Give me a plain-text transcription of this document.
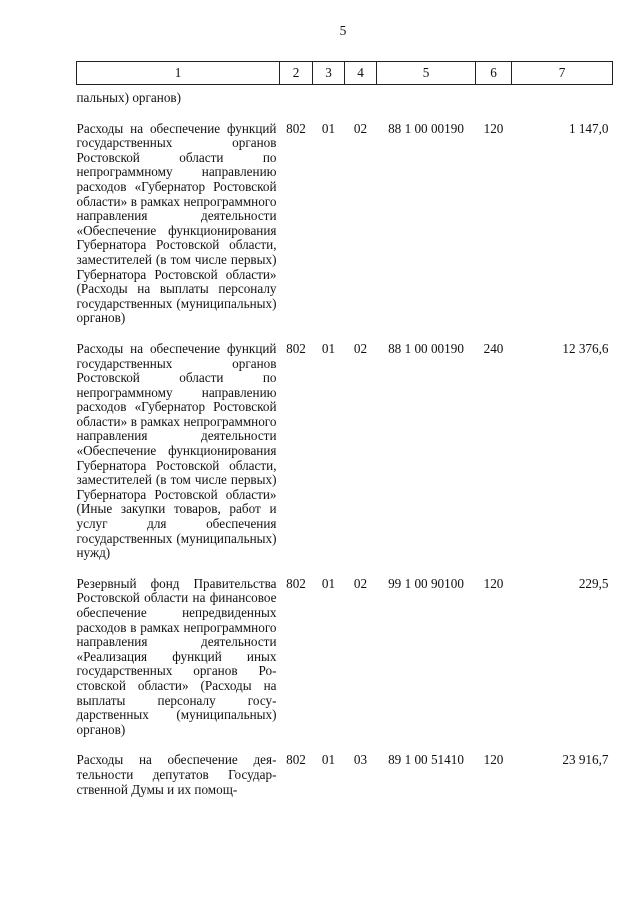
5
1	2	3	4	5	6	7
пальных) органов)						
Расходы на обеспечение функций государственных органов Ростовской области по непрограммному направлению расходов «Губернатор Ростовской области» в рамках непрограммного направления деятельности «Обеспечение функционирования Губернатора Ростовской области, заместителей (в том числе первых) Губернатора Ростовской области» (Расходы на выплаты персоналу государственных (муниципальных) органов)	802	01	02	88 1 00 00190	120	1 147,0
Расходы на обеспечение функций государственных органов Ростовской области по непрограммному направлению расходов «Губернатор Ростовской области» в рамках непрограммного направления деятельности «Обеспечение функционирования Губернатора Ростовской области, заместителей (в том числе первых) Губернатора Ростовской области» (Иные закупки товаров, работ и услуг для обеспечения государственных (муниципальных) нужд)	802	01	02	88 1 00 00190	240	12 376,6
Резервный фонд Правительства Ростовской области на финансовое обеспечение непредвиденных расходов в рамках непрограммного направления деятельности «Реализация функций иных государственных органов Ростовской области» (Расходы на выплаты персоналу государственных (муниципальных) органов)	802	01	02	99 1 00 90100	120	229,5
Расходы на обеспечение деятельности депутатов Государственной Думы и их помощ-	802	01	03	89 1 00 51410	120	23 916,7
